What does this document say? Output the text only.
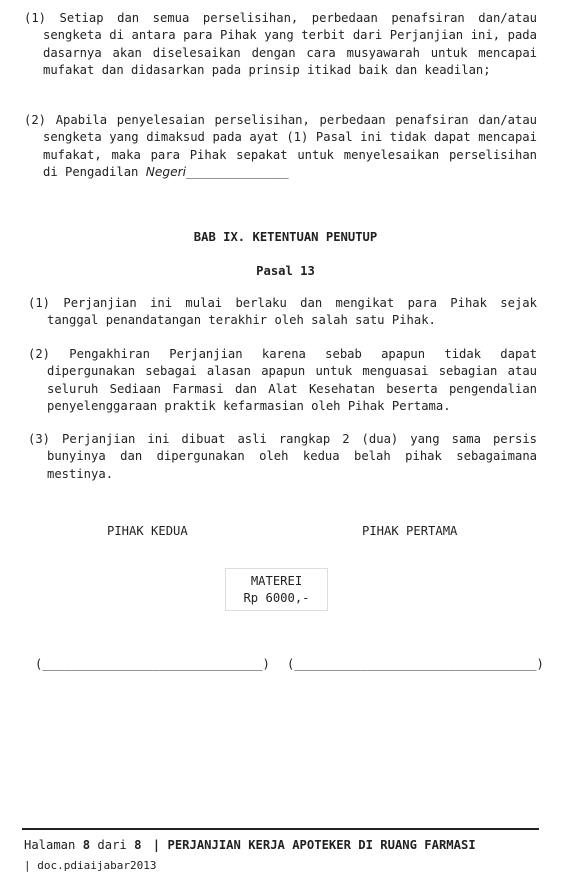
(1) Setiap dan semua perselisihan, perbedaan penafsiran dan/atau sengketa di antara para Pihak yang terbit dari Perjanjian ini, pada dasarnya akan diselesaikan dengan cara musyawarah untuk mencapai mufakat dan didasarkan pada prinsip itikad baik dan keadilan;
(2) Apabila penyelesaian perselisihan, perbedaan penafsiran dan/atau sengketa yang dimaksud pada ayat (1) Pasal ini tidak dapat mencapai mufakat, maka para Pihak sepakat untuk menyelesaikan perselisihan di Pengadilan Negeri______________
BAB IX. KETENTUAN PENUTUP
Pasal 13
(1) Perjanjian ini mulai berlaku dan mengikat para Pihak sejak tanggal penandatangan terakhir oleh salah satu Pihak.
(2) Pengakhiran Perjanjian karena sebab apapun tidak dapat dipergunakan sebagai alasan apapun untuk menguasai sebagian atau seluruh Sediaan Farmasi dan Alat Kesehatan beserta pengendalian penyelenggaraan praktik kefarmasian oleh Pihak Pertama.
(3) Perjanjian ini dibuat asli rangkap 2 (dua) yang sama persis bunyinya dan dipergunakan oleh kedua belah pihak sebagaimana mestinya.
PIHAK KEDUA	PIHAK PERTAMA
MATEREI
Rp 6000,-
(______________________________) (_________________________________)
Halaman 8 dari 8 | PERJANJIAN KERJA APOTEKER DI RUANG FARMASI
| doc.pdiaijabar2013
